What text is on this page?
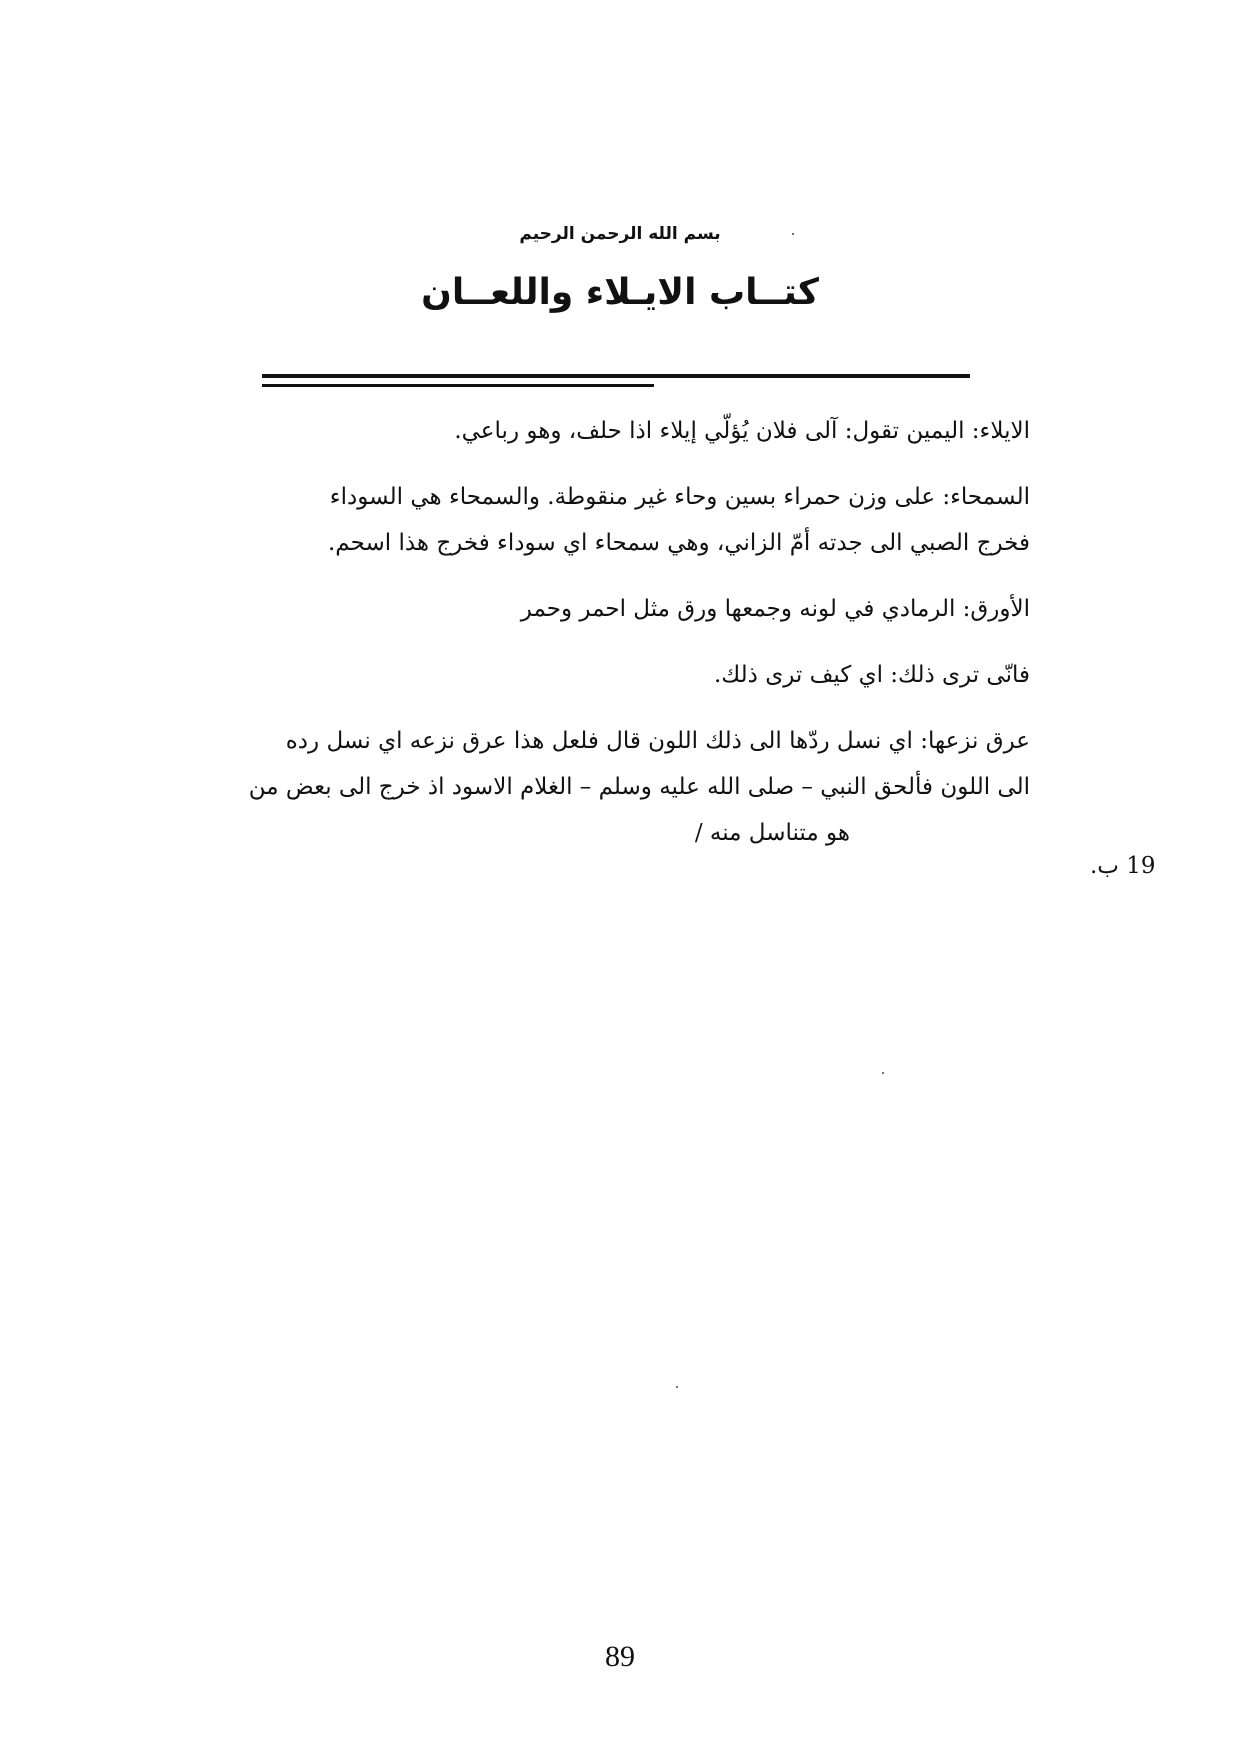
بسم الله الرحمن الرحيم
كتــاب الايـلاء واللعــان

الايلاء: اليمين تقول: آلى فلان يُؤلّي إيلاء اذا حلف، وهو رباعي.

السمحاء: على وزن حمراء بسين وحاء غير منقوطة. والسمحاء هي السوداء
فخرج الصبي الى جدته أمّ الزاني، وهي سمحاء اي سوداء فخرج هذا اسحم.

الأورق: الرمادي في لونه وجمعها ورق مثل احمر وحمر

فانّى ترى ذلك: اي كيف ترى ذلك.

عرق نزعها: اي نسل ردّها الى ذلك اللون قال فلعل هذا عرق نزعه اي نسل رده
الى اللون فألحق النبي – صلى الله عليه وسلم – الغلام الاسود اذ خرج الى بعض من
هو متناسل منه /

19 ب.
89
